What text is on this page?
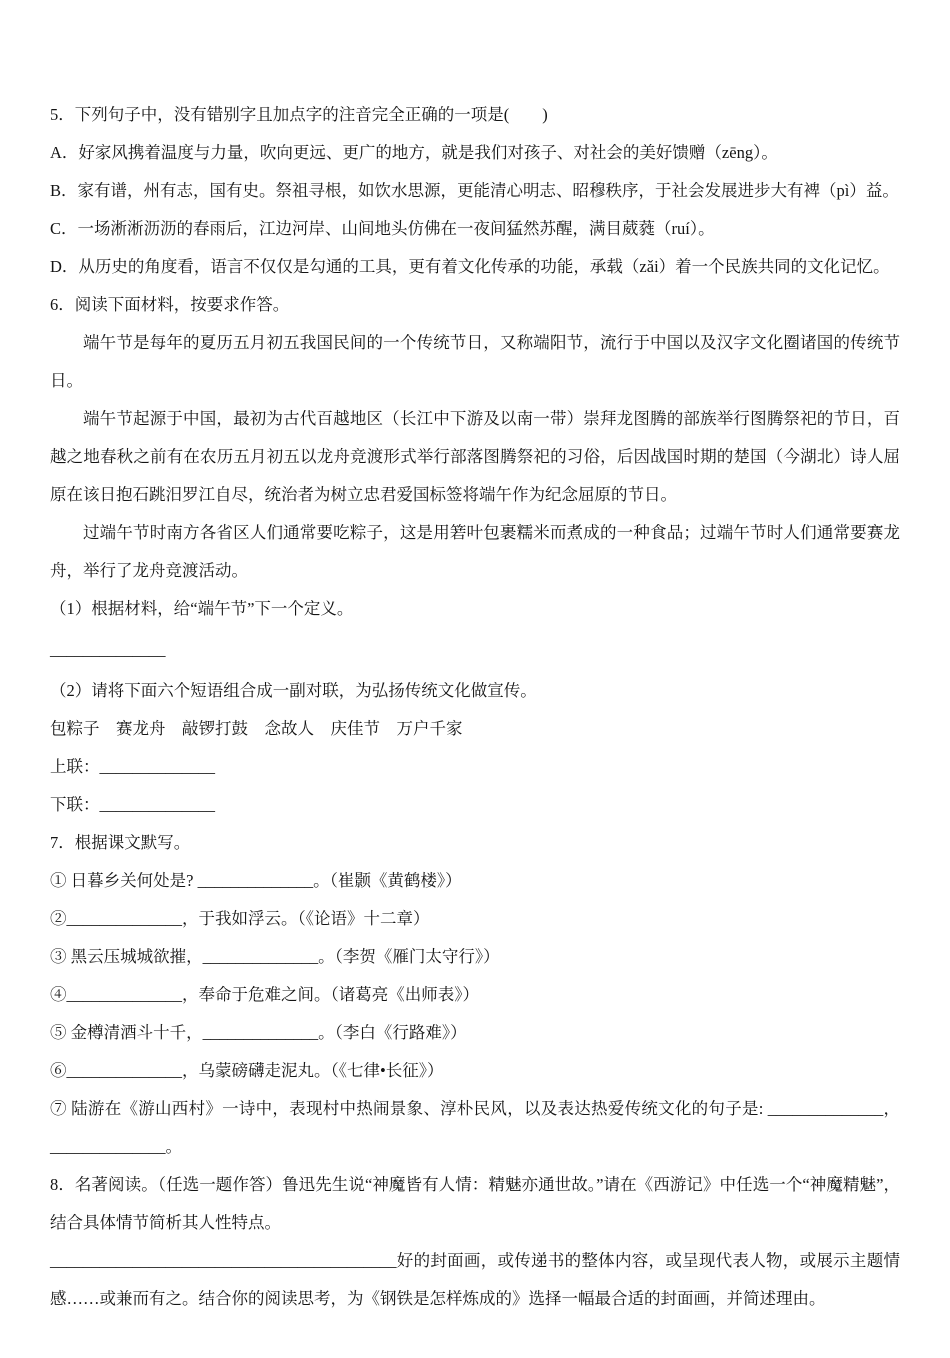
5．下列句子中，没有错别字且加点字的注音完全正确的一项是(　　)

A．好家风携着温度与力量，吹向更远、更广的地方，就是我们对孩子、对社会的美好馈赠（zēng）。

B．家有谱，州有志，国有史。祭祖寻根，如饮水思源，更能清心明志、昭穆秩序，于社会发展进步大有裨（pì）益。

C．一场淅淅沥沥的春雨后，江边河岸、山间地头仿佛在一夜间猛然苏醒，满目葳蕤（ruí）。

D．从历史的角度看，语言不仅仅是勾通的工具，更有着文化传承的功能，承载（zǎi）着一个民族共同的文化记忆。

6．阅读下面材料，按要求作答。

端午节是每年的夏历五月初五我国民间的一个传统节日，又称端阳节，流行于中国以及汉字文化圈诸国的传统节日。

端午节起源于中国，最初为古代百越地区（长江中下游及以南一带）崇拜龙图腾的部族举行图腾祭祀的节日，百越之地春秋之前有在农历五月初五以龙舟竞渡形式举行部落图腾祭祀的习俗，后因战国时期的楚国（今湖北）诗人屈原在该日抱石跳汨罗江自尽，统治者为树立忠君爱国标签将端午作为纪念屈原的节日。

过端午节时南方各省区人们通常要吃粽子，这是用箬叶包裹糯米而煮成的一种食品；过端午节时人们通常要赛龙舟，举行了龙舟竞渡活动。

（1）根据材料，给“端午节”下一个定义。

______________

（2）请将下面六个短语组合成一副对联，为弘扬传统文化做宣传。

包粽子　赛龙舟　敲锣打鼓　念故人　庆佳节　万户千家

上联：______________

下联：______________

7．根据课文默写。

① 日暮乡关何处是? ______________。（崔颢《黄鹤楼》）

②______________，于我如浮云。（《论语》十二章）

③ 黑云压城城欲摧，______________。（李贺《雁门太守行》）

④______________，奉命于危难之间。（诸葛亮《出师表》）

⑤ 金樽清酒斗十千，______________。（李白《行路难》）

⑥______________，乌蒙磅礴走泥丸。（《七律•长征》）

⑦ 陆游在《游山西村》一诗中，表现村中热闹景象、淳朴民风，以及表达热爱传统文化的句子是: ______________，______________。

8．名著阅读。（任选一题作答）鲁迅先生说“神魔皆有人情：精魅亦通世故。”请在《西游记》中任选一个“神魔精魅”，结合具体情节简析其人性特点。

__________________________________________好的封面画，或传递书的整体内容，或呈现代表人物，或展示主题情感……或兼而有之。结合你的阅读思考，为《钢铁是怎样炼成的》选择一幅最合适的封面画，并简述理由。
